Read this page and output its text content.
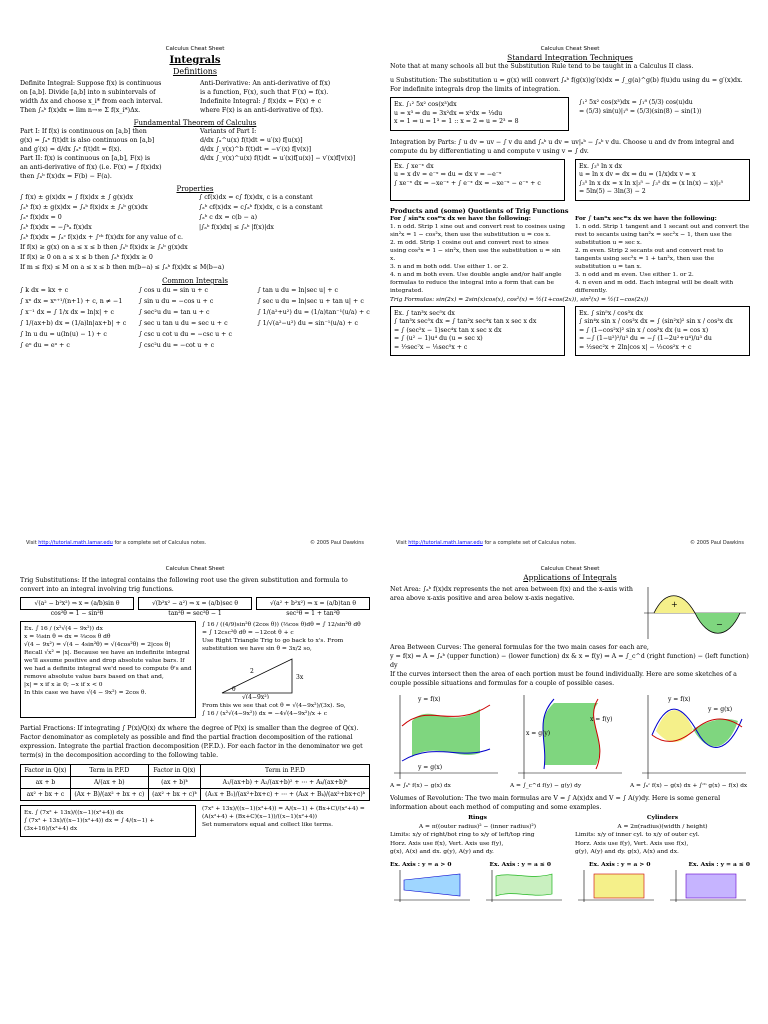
Calculus Cheat Sheet
Integrals
Definitions
Definite Integral: Suppose f(x) is continuous
on [a,b]. Divide [a,b] into n subintervals of
width Δx and choose x_i* from each interval.
Then ∫ₐᵇ f(x)dx = lim n→∞ Σ f(x_i*)Δx.
Anti-Derivative: An anti-derivative of f(x)
is a function, F(x), such that F′(x) = f(x).
Indefinite Integral: ∫ f(x)dx = F(x) + c
where F(x) is an anti-derivative of f(x).
Fundamental Theorem of Calculus
Part I: If f(x) is continuous on [a,b] then
g(x) = ∫ₐˣ f(t)dt is also continuous on [a,b]
and g′(x) = d/dx ∫ₐˣ f(t)dt = f(x).
Part II: f(x) is continuous on [a,b], F(x) is
an anti-derivative of f(x) (i.e. F(x) = ∫ f(x)dx)
then ∫ₐᵇ f(x)dx = F(b) − F(a).
Variants of Part I:
d/dx ∫ₐ^u(x) f(t)dt = u′(x) f[u(x)]
d/dx ∫_v(x)^b f(t)dt = −v′(x) f[v(x)]
d/dx ∫_v(x)^u(x) f(t)dt = u′(x)f[u(x)] − v′(x)f[v(x)]
Properties
∫ f(x) ± g(x)dx = ∫ f(x)dx ± ∫ g(x)dx
∫ₐᵇ f(x) ± g(x)dx = ∫ₐᵇ f(x)dx ± ∫ₐᵇ g(x)dx
∫ₐᵃ f(x)dx = 0
∫ₐᵇ f(x)dx = −∫ᵇₐ f(x)dx
∫ cf(x)dx = c∫ f(x)dx, c is a constant
∫ₐᵇ cf(x)dx = c∫ₐᵇ f(x)dx, c is a constant
∫ₐᵇ c dx = c(b − a)
|∫ₐᵇ f(x)dx| ≤ ∫ₐᵇ |f(x)|dx
∫ₐᵇ f(x)dx = ∫ₐᶜ f(x)dx + ∫ᶜᵇ f(x)dx for any value of c.
If f(x) ≥ g(x) on a ≤ x ≤ b then ∫ₐᵇ f(x)dx ≥ ∫ₐᵇ g(x)dx
If f(x) ≥ 0 on a ≤ x ≤ b then ∫ₐᵇ f(x)dx ≥ 0
If m ≤ f(x) ≤ M on a ≤ x ≤ b then m(b−a) ≤ ∫ₐᵇ f(x)dx ≤ M(b−a)
Common Integrals
∫ k dx = kx + c	∫ cos u du = sin u + c	∫ tan u du = ln|sec u| + c
∫ xⁿ dx = xⁿ⁺¹/(n+1) + c, n ≠ −1	∫ sin u du = −cos u + c	∫ sec u du = ln|sec u + tan u| + c
∫ x⁻¹ dx = ∫ 1/x dx = ln|x| + c	∫ sec²u du = tan u + c	∫ 1/(a²+u²) du = (1/a)tan⁻¹(u/a) + c
∫ 1/(ax+b) dx = (1/a)ln|ax+b| + c	∫ sec u tan u du = sec u + c	∫ 1/√(a²−u²) du = sin⁻¹(u/a) + c
∫ ln u du = u(ln(u) − 1) + c	∫ csc u cot u du = −csc u + c
∫ eᵘ du = eᵘ + c	∫ csc²u du = −cot u + c
Visit http://tutorial.math.lamar.edu for a complete set of Calculus notes.	© 2005 Paul Dawkins
Calculus Cheat Sheet
Standard Integration Techniques
Note that at many schools all but the Substitution Rule tend to be taught in a Calculus II class.
u Substitution: The substitution u = g(x) will convert ∫ₐᵇ f(g(x))g′(x)dx = ∫_g(a)^g(b) f(u)du using du = g′(x)dx. For indefinite integrals drop the limits of integration.
Ex. ∫₁² 5x² cos(x³)dx
u = x³ ⇒ du = 3x²dx ⇒ x²dx = ⅓du
x = 1 ⇒ u = 1³ = 1 :: x = 2 ⇒ u = 2³ = 8
∫₁² 5x² cos(x³)dx = ∫₁⁸ (5/3) cos(u)du
= (5/3) sin(u)|₁⁸ = (5/3)(sin(8) − sin(1))
Integration by Parts: ∫ u dv = uv − ∫ v du and ∫ₐᵇ u dv = uv|ₐᵇ − ∫ₐᵇ v du. Choose u and dv from integral and compute du by differentiating u and compute v using v = ∫ dv.
Ex. ∫ xe⁻ˣ dx
u = x dv = e⁻ˣ ⇒ du = dx v = −e⁻ˣ
∫ xe⁻ˣ dx = −xe⁻ˣ + ∫ e⁻ˣ dx = −xe⁻ˣ − e⁻ˣ + c
Ex. ∫₃⁵ ln x dx
u = ln x dv = dx ⇒ du = (1/x)dx v = x
∫₃⁵ ln x dx = x ln x|₃⁵ − ∫₃⁵ dx = (x ln(x) − x)|₃⁵
= 5ln(5) − 3ln(3) − 2
Products and (some) Quotients of Trig Functions
For ∫ sinⁿx cosᵐx dx we have the following:
1. n odd. Strip 1 sine out and convert rest to cosines using sin²x = 1 − cos²x, then use the substitution u = cos x.
2. m odd. Strip 1 cosine out and convert rest to sines using cos²x = 1 − sin²x, then use the substitution u = sin x.
3. n and m both odd. Use either 1. or 2.
4. n and m both even. Use double angle and/or half angle formulas to reduce the integral into a form that can be integrated.
For ∫ tanⁿx secᵐx dx we have the following:
1. n odd. Strip 1 tangent and 1 secant out and convert the rest to secants using tan²x = sec²x − 1, then use the substitution u = sec x.
2. m even. Strip 2 secants out and convert rest to tangents using sec²x = 1 + tan²x, then use the substitution u = tan x.
3. n odd and m even. Use either 1. or 2.
4. n even and m odd. Each integral will be dealt with differently.
Trig Formulas: sin(2x) = 2sin(x)cos(x), cos²(x) = ½(1+cos(2x)), sin²(x) = ½(1−cos(2x))
Ex. ∫ tan³x sec⁵x dx
∫ tan³x sec⁵x dx = ∫ tan²x sec⁴x tan x sec x dx
= ∫ (sec²x − 1)sec⁴x tan x sec x dx
= ∫ (u² − 1)u⁴ du (u = sec x)
= ⅐sec⁷x − ⅕sec⁵x + c
Ex. ∫ sin⁵x / cos³x dx
∫ sin⁴x sin x / cos³x dx = ∫ (sin²x)² sin x / cos³x dx
= ∫ (1−cos²x)² sin x / cos³x dx (u = cos x)
= −∫ (1−u²)²/u³ du = −∫ (1−2u²+u⁴)/u³ du
= ½sec²x + 2ln|cos x| − ½cos²x + c
Visit http://tutorial.math.lamar.edu for a complete set of Calculus notes.	© 2005 Paul Dawkins
Calculus Cheat Sheet
Trig Substitutions: If the integral contains the following root use the given substitution and formula to convert into an integral involving trig functions.
√(a² − b²x²) ⇒ x = (a/b)sin θ
cos²θ = 1 − sin²θ
√(b²x² − a²) ⇒ x = (a/b)sec θ
tan²θ = sec²θ − 1
√(a² + b²x²) ⇒ x = (a/b)tan θ
sec²θ = 1 + tan²θ
Ex. ∫ 16 / (x²√(4 − 9x²)) dx
x = ⅔sin θ ⇒ dx = ⅔cos θ dθ
√(4 − 9x²) = √(4 − 4sin²θ) = √(4cos²θ) = 2|cos θ|
Recall √x² = |x|. Because we have an indefinite integral we'll assume positive and drop absolute value bars. If we had a definite integral we'd need to compute θ's and remove absolute value bars based on that and,
|x| = x if x ≥ 0; −x if x < 0
In this case we have √(4 − 9x²) = 2cos θ.
∫ 16 / ((4/9)sin²θ (2cos θ)) (⅔cos θ)dθ = ∫ 12/sin²θ dθ
= ∫ 12csc²θ dθ = −12cot θ + c
Use Right Triangle Trig to go back to x's. From substitution we have sin θ = 3x/2 so,
3x
2
√(4−9x²)
θ
From this we see that cot θ = √(4−9x²)/(3x). So,
∫ 16 / (x²√(4−9x²)) dx = −4√(4−9x²)/x + c
Partial Fractions: If integrating ∫ P(x)/Q(x) dx where the degree of P(x) is smaller than the degree of Q(x). Factor denominator as completely as possible and find the partial fraction decomposition of the rational expression. Integrate the partial fraction decomposition (P.F.D.). For each factor in the denominator we get term(s) in the decomposition according to the following table.
Factor in Q(x)	Term in P.F.D	Factor in Q(x)	Term in P.F.D
ax + b	A/(ax + b)	(ax + b)ᵏ	A₁/(ax+b) + A₂/(ax+b)² + ⋯ + Aₖ/(ax+b)ᵏ
ax² + bx + c	(Ax + B)/(ax² + bx + c)	(ax² + bx + c)ᵏ	(A₁x + B₁)/(ax²+bx+c) + ⋯ + (Aₖx + Bₖ)/(ax²+bx+c)ᵏ
Ex. ∫ (7x² + 13x)/((x−1)(x²+4)) dx
∫ (7x² + 13x)/((x−1)(x²+4)) dx = ∫ 4/(x−1) + (3x+16)/(x²+4) dx
(7x² + 13x)/((x−1)(x²+4)) = A/(x−1) + (Bx+C)/(x²+4) = (A(x²+4) + (Bx+C)(x−1))/((x−1)(x²+4))
Set numerators equal and collect like terms.
Calculus Cheat Sheet
Applications of Integrals
Net Area: ∫ₐᵇ f(x)dx represents the net area between f(x) and the x-axis with area above x-axis positive and area below x-axis negative.
+
−
Area Between Curves: The general formulas for the two main cases for each are,
y = f(x) ⇒ A = ∫ₐᵇ (upper function) − (lower function) dx & x = f(y) ⇒ A = ∫_c^d (right function) − (left function) dy
If the curves intersect then the area of each portion must be found individually. Here are some sketches of a couple possible situations and formulas for a couple of possible cases.
y = f(x)
y = g(x)
x = g(y)
x = f(y)
y = f(x)
y = g(x)
A = ∫ₐᵇ f(x) − g(x) dx	A = ∫_c^d f(y) − g(y) dy	A = ∫ₐᶜ f(x) − g(x) dx + ∫ᶜᵇ g(x) − f(x) dx
Volumes of Revolution: The two main formulas are V = ∫ A(x)dx and V = ∫ A(y)dy. Here is some general information about each method of computing and some examples.
Rings
A = π((outer radius)² − (inner radius)²)
Limits: x/y of right/bot ring to x/y of left/top ring
Horz. Axis use f(x), Vert. Axis use f(y),
g(x), A(x) and dx. g(y), A(y) and dy.
Cylinders
A = 2π(radius)(width / height)
Limits: x/y of inner cyl. to x/y of outer cyl.
Horz. Axis use f(y), Vert. Axis use f(x),
g(y), A(y) and dy. g(x), A(x) and dx.
Ex. Axis : y = a > 0	Ex. Axis : y = a ≤ 0	Ex. Axis : y = a > 0	Ex. Axis : y = a ≤ 0
